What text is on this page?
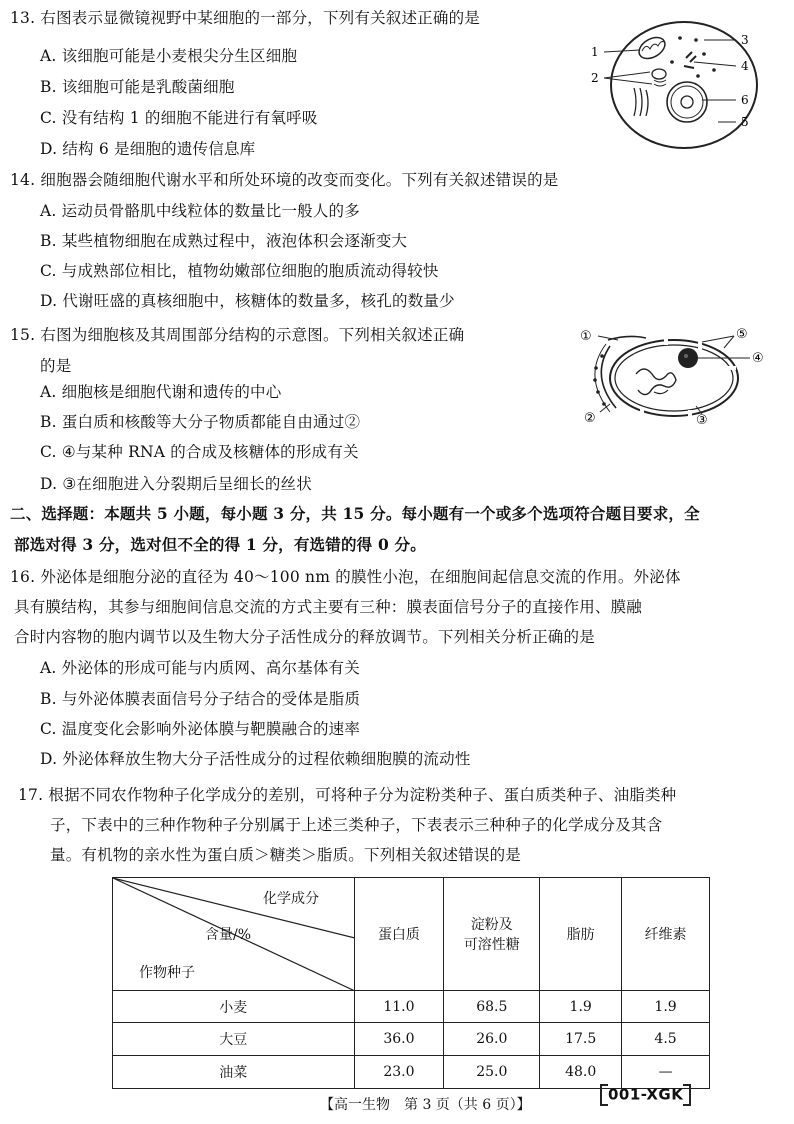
13. 右图表示显微镜视野中某细胞的一部分，下列有关叙述正确的是
A. 该细胞可能是小麦根尖分生区细胞
B. 该细胞可能是乳酸菌细胞
C. 没有结构 1 的细胞不能进行有氧呼吸
D. 结构 6 是细胞的遗传信息库
1
2
3
4
5
6
14. 细胞器会随细胞代谢水平和所处环境的改变而变化。下列有关叙述错误的是
A. 运动员骨骼肌中线粒体的数量比一般人的多
B. 某些植物细胞在成熟过程中，液泡体积会逐渐变大
C. 与成熟部位相比，植物幼嫩部位细胞的胞质流动得较快
D. 代谢旺盛的真核细胞中，核糖体的数量多，核孔的数量少
15. 右图为细胞核及其周围部分结构的示意图。下列相关叙述正确
的是
A. 细胞核是细胞代谢和遗传的中心
B. 蛋白质和核酸等大分子物质都能自由通过②
C. ④与某种 RNA 的合成及核糖体的形成有关
D. ③在细胞进入分裂期后呈细长的丝状
①
②	③
④
⑤
二、选择题：本题共 5 小题，每小题 3 分，共 15 分。每小题有一个或多个选项符合题目要求，全
部选对得 3 分，选对但不全的得 1 分，有选错的得 0 分。
16. 外泌体是细胞分泌的直径为 40～100 nm 的膜性小泡，在细胞间起信息交流的作用。外泌体
具有膜结构，其参与细胞间信息交流的方式主要有三种：膜表面信号分子的直接作用、膜融
合时内容物的胞内调节以及生物大分子活性成分的释放调节。下列相关分析正确的是
A. 外泌体的形成可能与内质网、高尔基体有关
B. 与外泌体膜表面信号分子结合的受体是脂质
C. 温度变化会影响外泌体膜与靶膜融合的速率
D. 外泌体释放生物大分子活性成分的过程依赖细胞膜的流动性
17. 根据不同农作物种子化学成分的差别，可将种子分为淀粉类种子、蛋白质类种子、油脂类种
子，下表中的三种作物种子分别属于上述三类种子，下表表示三种种子的化学成分及其含
量。有机物的亲水性为蛋白质＞糖类＞脂质。下列相关叙述错误的是
化学成分
含量/%
作物种子	蛋白质	淀粉及
可溶性糖	脂肪	纤维素
小麦	11.0	68.5	1.9	1.9
大豆	36.0	26.0	17.5	4.5
油菜	23.0	25.0	48.0	—
【高一生物　第 3 页（共 6 页）】
001-XGK
